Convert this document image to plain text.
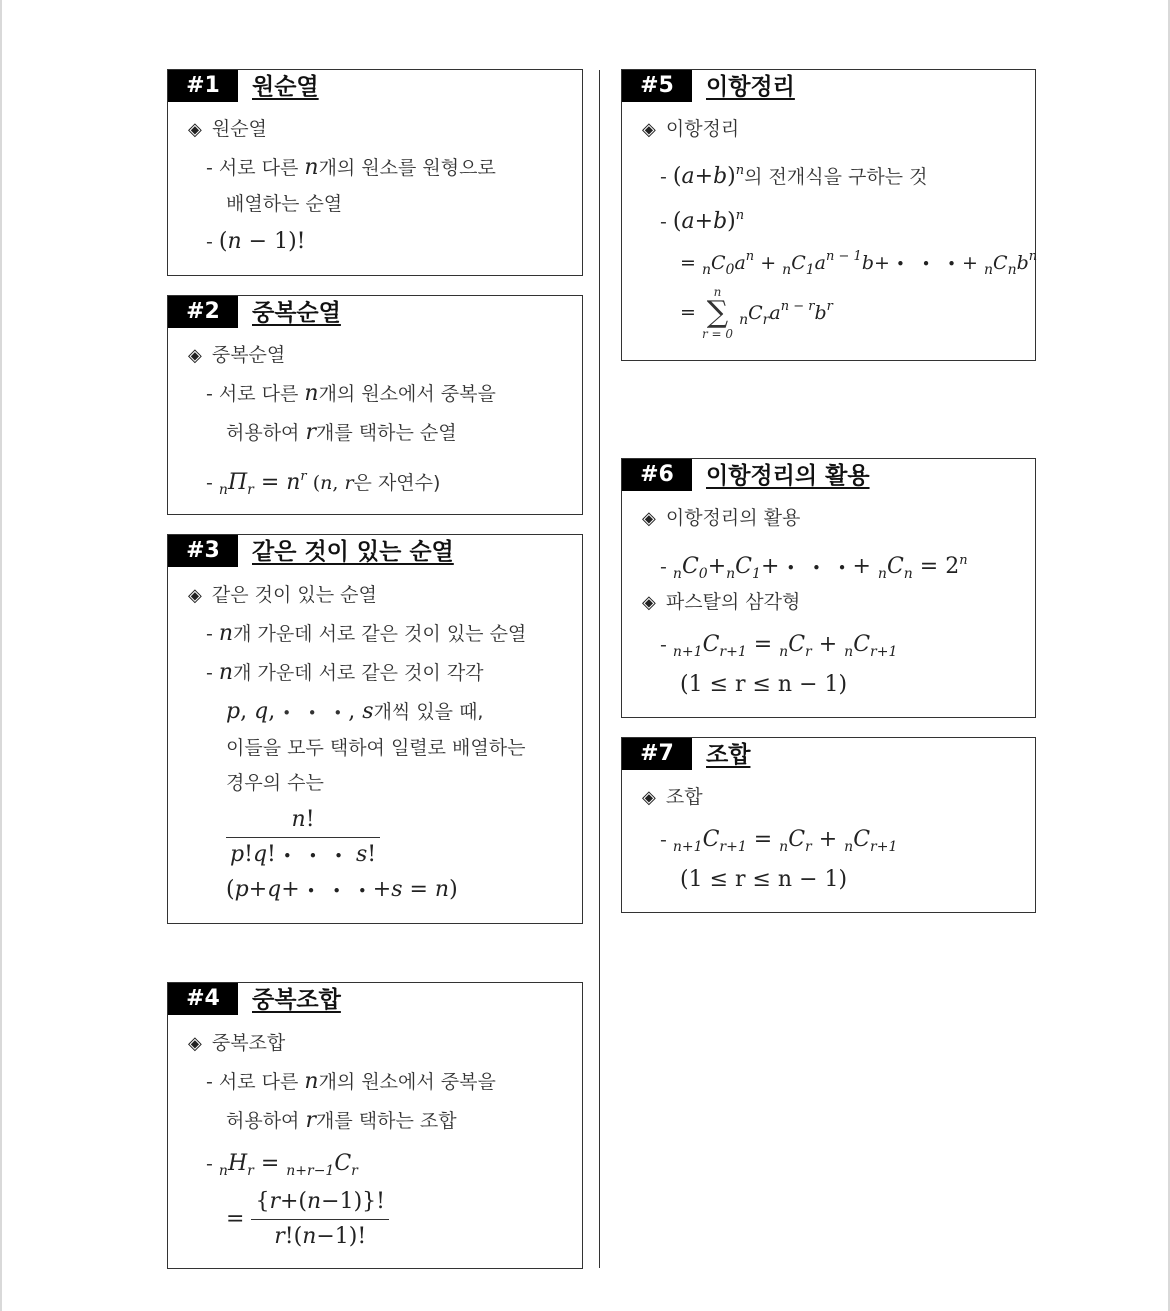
#1	원순열
◈ 원순열
- 서로 다른 n개의 원소를 원형으로
배열하는 순열
- (n − 1)!
#2	중복순열
◈ 중복순열
- 서로 다른 n개의 원소에서 중복을
허용하여 r개를 택하는 순열
- $_n\Pi_r = n^r$ (n, r은 자연수)
#3	같은 것이 있는 순열
◈ 같은 것이 있는 순열
- n개 가운데 서로 같은 것이 있는 순열
- n개 가운데 서로 같은 것이 각각
p, q, • • •, s개씩 있을 때,
이들을 모두 택하여 일렬로 배열하는
경우의 수는
$\frac{n!}{p!q! • • • s!}$
(p+q+ • • •+s = n)
#4	중복조합
◈ 중복조합
- 서로 다른 n개의 원소에서 중복을
허용하여 r개를 택하는 조합
- $_nH_r = _{n+r-1}C_r$
= $\frac{\{r+(n-1)\}!}{r!(n-1)!}$
#5	이항정리
◈ 이항정리
- $(a+b)^n$의 전개식을 구하는 것
- $(a+b)^n$
= $_nC_0a^n + _nC_1a^{n - 1}b+$ • • •+ $_nC_nb^n$
=
n
∑
r = 0
$_nC_ra^{n - r}b^r$
#6	이항정리의 활용
◈ 이항정리의 활용
- $_nC_0+_nC_1+$ • • •+ $_nC_n = 2^n$
◈ 파스탈의 삼각형
- $_{n+1}C_{r+1} = _nC_r + _nC_{r+1}$
(1 ≤ r ≤ n − 1)
#7	조합
◈ 조합
- $_{n+1}C_{r+1} = _nC_r + _nC_{r+1}$
(1 ≤ r ≤ n − 1)
